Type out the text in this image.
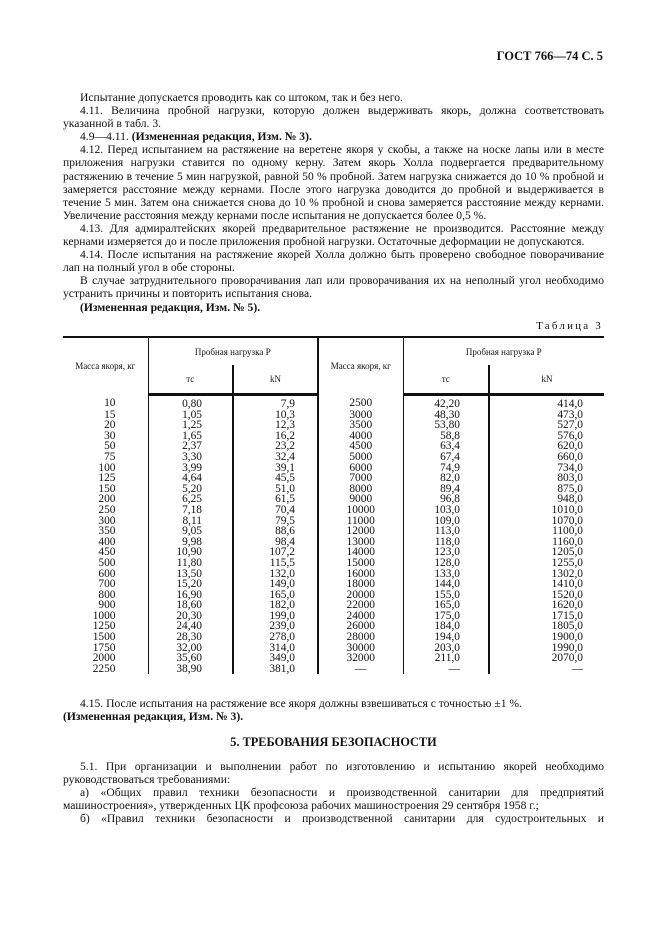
ГОСТ 766—74 С. 5

Испытание допускается проводить как со штоком, так и без него.

4.11. Величина пробной нагрузки, которую должен выдерживать якорь, должна соответствовать указанной в табл. 3.

4.9—4.11. (Измененная редакция, Изм. № 3).

4.12. Перед испытанием на растяжение на веретене якоря у скобы, а также на носке лапы или в месте приложения нагрузки ставится по одному керну. Затем якорь Холла подвергается предварительному растяжению в течение 5 мин нагрузкой, равной 50 % пробной. Затем нагрузка снижается до 10 % пробной и замеряется расстояние между кернами. После этого нагрузка доводится до пробной и выдерживается в течение 5 мин. Затем она снижается снова до 10 % пробной и снова замеряется расстояние между кернами. Увеличение расстояния между кернами после испытания не допускается более 0,5 %.

4.13. Для адмиралтейских якорей предварительное растяжение не производится. Расстояние между кернами измеряется до и после приложения пробной нагрузки. Остаточные деформации не допускаются.

4.14. После испытания на растяжение якорей Холла должно быть проверено свободное поворачивание лап на полный угол в обе стороны.

В случае затруднительного проворачивания лап или проворачивания их на неполный угол необходимо устранить причины и повторить испытания снова.

(Измененная редакция, Изм. № 5).

Таблица 3
Масса якоря, кг	Пробная нагрузка P		Масса якоря, кг	Пробная нагрузка P	
	тс	kN		тс	kN
10	0,80	7,9	2500	42,20	414,0
15	1,05	10,3	3000	48,30	473,0
20	1,25	12,3	3500	53,80	527,0
30	1,65	16,2	4000	58,8	576,0
50	2,37	23,2	4500	63,4	620,0
75	3,30	32,4	5000	67,4	660,0
100	3,99	39,1	6000	74,9	734,0
125	4,64	45,5	7000	82,0	803,0
150	5,20	51,0	8000	89,4	875,0
200	6,25	61,5	9000	96,8	948,0
250	7,18	70,4	10000	103,0	1010,0
300	8,11	79,5	11000	109,0	1070,0
350	9,05	88,6	12000	113,0	1100,0
400	9,98	98,4	13000	118,0	1160,0
450	10,90	107,2	14000	123,0	1205,0
500	11,80	115,5	15000	128,0	1255,0
600	13,50	132,0	16000	133,0	1302,0
700	15,20	149,0	18000	144,0	1410,0
800	16,90	165,0	20000	155,0	1520,0
900	18,60	182,0	22000	165,0	1620,0
1000	20,30	199,0	24000	175,0	1715,0
1250	24,40	239,0	26000	184,0	1805,0
1500	28,30	278,0	28000	194,0	1900,0
1750	32,00	314,0	30000	203,0	1990,0
2000	35,60	349,0	32000	211,0	2070,0
2250	38,90	381,0	—	—	—

4.15. После испытания на растяжение все якоря должны взвешиваться с точностью ±1 %.

(Измененная редакция, Изм. № 3).

5. ТРЕБОВАНИЯ БЕЗОПАСНОСТИ

5.1. При организации и выполнении работ по изготовлению и испытанию якорей необходимо руководствоваться требованиями:

а) «Общих правил техники безопасности и производственной санитарии для предприятий машиностроения», утвержденных ЦК профсоюза рабочих машиностроения 29 сентября 1958 г.;

б) «Правил техники безопасности и производственной санитарии для судостроительных и
